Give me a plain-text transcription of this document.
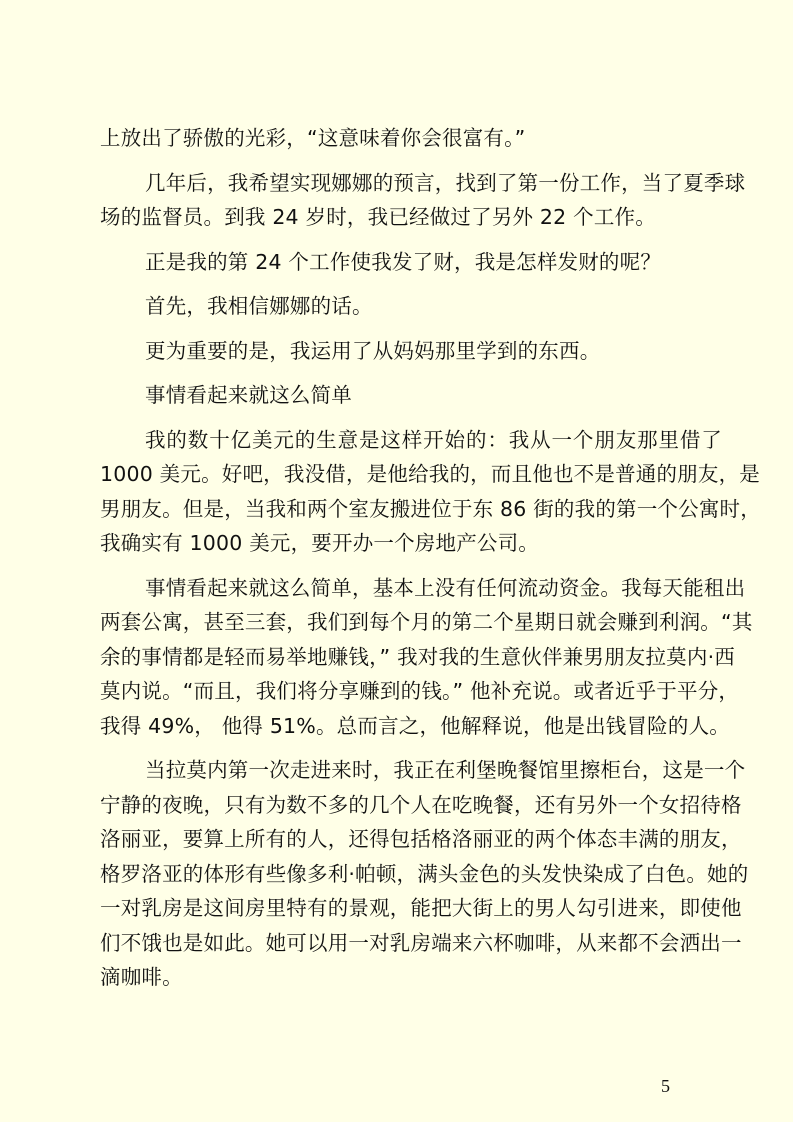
上放出了骄傲的光彩，“这意味着你会很富有。”

几年后，我希望实现娜娜的预言，找到了第一份工作，当了夏季球
场的监督员。到我 24 岁时，我已经做过了另外 22 个工作。

正是我的第 24 个工作使我发了财，我是怎样发财的呢？

首先，我相信娜娜的话。

更为重要的是，我运用了从妈妈那里学到的东西。

事情看起来就这么简单

我的数十亿美元的生意是这样开始的：我从一个朋友那里借了
1000 美元。好吧，我没借，是他给我的，而且他也不是普通的朋友，是
男朋友。但是，当我和两个室友搬进位于东 86 街的我的第一个公寓时，
我确实有 1000 美元，要开办一个房地产公司。

事情看起来就这么简单，基本上没有任何流动资金。我每天能租出
两套公寓，甚至三套，我们到每个月的第二个星期日就会赚到利润。“其
余的事情都是轻而易举地赚钱，” 我对我的生意伙伴兼男朋友拉莫内·西
莫内说。“而且，我们将分享赚到的钱。” 他补充说。或者近乎于平分，
我得 49%， 他得 51%。总而言之，他解释说，他是出钱冒险的人。

当拉莫内第一次走进来时，我正在利堡晚餐馆里擦柜台，这是一个
宁静的夜晚，只有为数不多的几个人在吃晚餐，还有另外一个女招待格
洛丽亚，要算上所有的人，还得包括格洛丽亚的两个体态丰满的朋友，
格罗洛亚的体形有些像多利·帕顿，满头金色的头发快染成了白色。她的
一对乳房是这间房里特有的景观，能把大街上的男人勾引进来，即使他
们不饿也是如此。她可以用一对乳房端来六杯咖啡，从来都不会洒出一
滴咖啡。

5
